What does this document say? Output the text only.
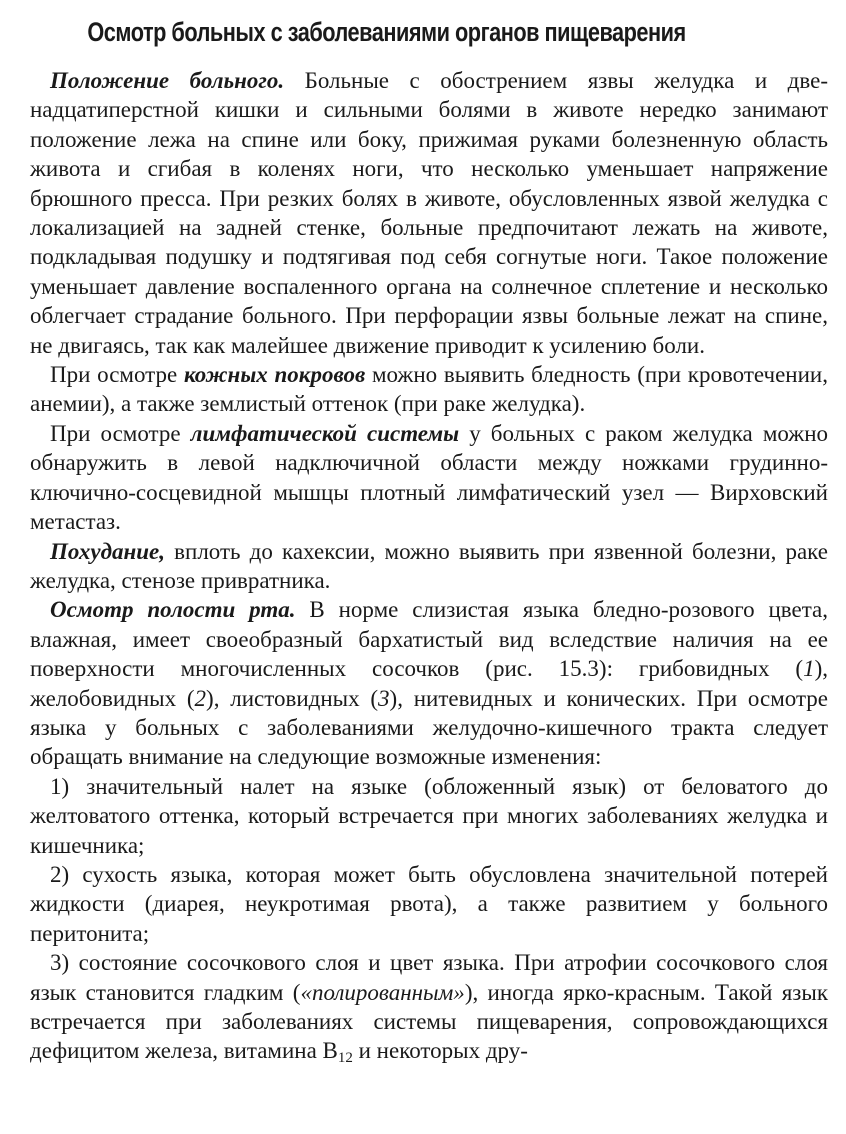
Осмотр больных с заболеваниями органов пищеварения

Положение больного. Больные с обострением язвы желудка и двенадцатиперстной кишки и сильными болями в животе нередко занимают положение лежа на спине или боку, прижимая руками болезненную область живота и сгибая в коленях ноги, что несколько уменьшает напряжение брюшного пресса. При резких болях в животе, обусловленных язвой желудка с локализацией на задней стенке, больные предпочитают лежать на животе, подкладывая подушку и подтягивая под себя согнутые ноги. Такое положение уменьшает давление воспаленного органа на солнечное сплетение и несколько облегчает страдание больного. При перфорации язвы больные лежат на спине, не двигаясь, так как малейшее движение приводит к усилению боли.

При осмотре кожных покровов можно выявить бледность (при кровотечении, анемии), а также землистый оттенок (при раке желудка).

При осмотре лимфатической системы у больных с раком желудка можно обнаружить в левой надключичной области между ножками грудинно-ключично-сосцевидной мышцы плотный лимфатический узел — Вирховский метастаз.

Похудание, вплоть до кахексии, можно выявить при язвенной болезни, раке желудка, стенозе привратника.

Осмотр полости рта. В норме слизистая языка бледно-розового цвета, влажная, имеет своеобразный бархатистый вид вследствие наличия на ее поверхности многочисленных сосочков (рис. 15.3): грибовидных (1), желобовидных (2), листовидных (3), нитевидных и конических. При осмотре языка у больных с заболеваниями желудочно-кишечного тракта следует обращать внимание на следующие возможные изменения:

1) значительный налет на языке (обложенный язык) от беловатого до желтоватого оттенка, который встречается при многих заболеваниях желудка и кишечника;

2) сухость языка, которая может быть обусловлена значительной потерей жидкости (диарея, неукротимая рвота), а также развитием у больного перитонита;

3) состояние сосочкового слоя и цвет языка. При атрофии сосочкового слоя язык становится гладким («полированным»), иногда ярко-красным. Такой язык встречается при заболеваниях системы пищеварения, сопровождающихся дефицитом железа, витамина $B_{12}$ и некоторых дру-
